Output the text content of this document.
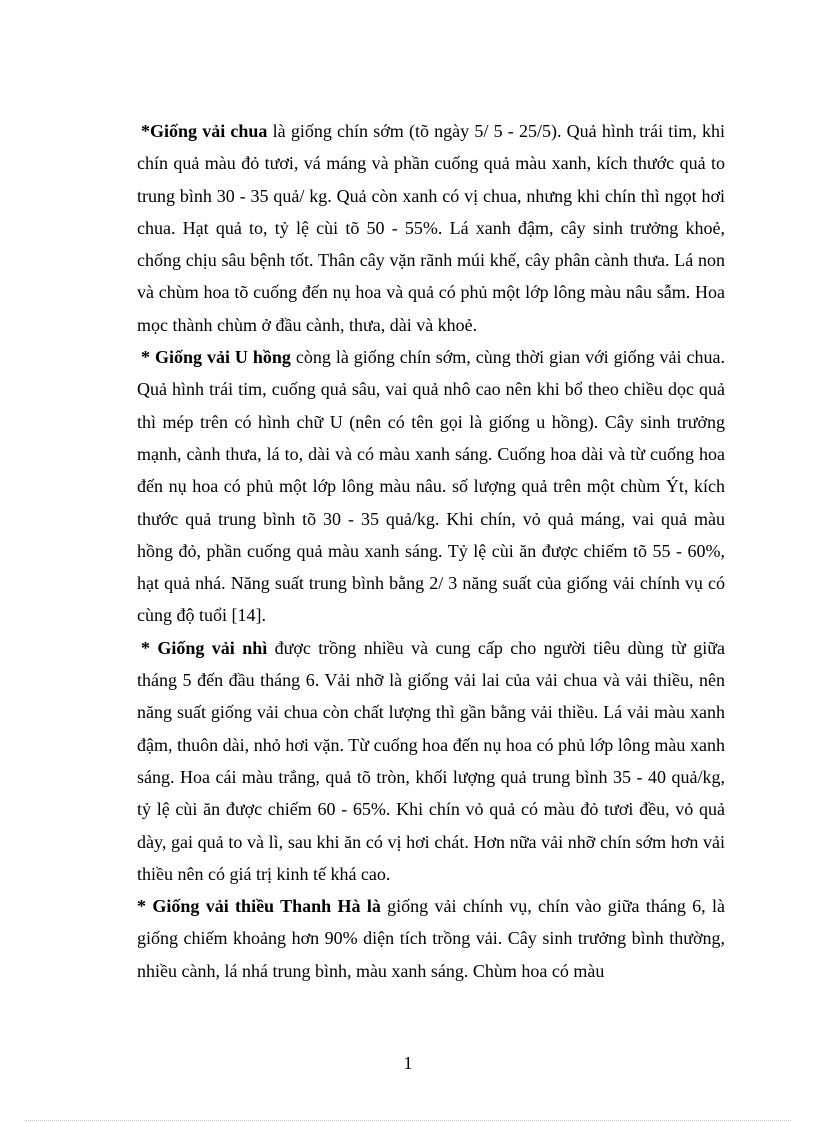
*Giống vải chua là giống chín sớm (tõ ngày 5/ 5 - 25/5). Quả hình trái tim, khi chín quả màu đỏ tươi, vá máng và phần cuống quả màu xanh, kích thước quả to trung bình 30 - 35 quả/ kg. Quả còn xanh có vị chua, nhưng khi chín thì ngọt hơi chua. Hạt quả to, tỷ lệ cùi tõ 50 - 55%. Lá xanh đậm, cây sinh trưởng khoẻ, chống chịu sâu bệnh tốt. Thân cây vặn rãnh múi khế, cây phân cành thưa. Lá non và chùm hoa tõ cuống đến nụ hoa và quả có phủ một lớp lông màu nâu sẫm. Hoa mọc thành chùm ở đầu cành, thưa, dài và khoẻ.

* Giống vải U hồng còng là giống chín sớm, cùng thời gian với giống vải chua. Quả hình trái tim, cuống quả sâu, vai quả nhô cao nên khi bổ theo chiều dọc quả thì mép trên có hình chữ U (nên có tên gọi là giống u hồng). Cây sinh trưởng mạnh, cành thưa, lá to, dài và có màu xanh sáng. Cuống hoa dài và từ cuống hoa đến nụ hoa có phủ một lớp lông màu nâu. số lượng quả trên một chùm Ýt, kích thước quả trung bình tõ 30 - 35 quả/kg. Khi chín, vỏ quả máng, vai quả màu hồng đỏ, phần cuống quả màu xanh sáng. Tỷ lệ cùi ăn được chiếm tõ 55 - 60%, hạt quả nhá. Năng suất trung bình bằng 2/ 3 năng suất của giống vải chính vụ có cùng độ tuổi [14].

* Giống vải nhì được trồng nhiều và cung cấp cho người tiêu dùng từ giữa tháng 5 đến đầu tháng 6. Vải nhỡ là giống vải lai của vải chua và vải thiều, nên năng suất giống vải chua còn chất lượng thì gần bằng vải thiều. Lá vải màu xanh đậm, thuôn dài, nhỏ hơi vặn. Từ cuống hoa đến nụ hoa có phủ lớp lông màu xanh sáng. Hoa cái màu trắng, quả tõ tròn, khối lượng quả trung bình 35 - 40 quả/kg, tỷ lệ cùi ăn được chiếm 60 - 65%. Khi chín vỏ quả có màu đỏ tươi đều, vỏ quả dày, gai quả to và lì, sau khi ăn có vị hơi chát. Hơn nữa vải nhỡ chín sớm hơn vải thiều nên có giá trị kinh tế khá cao.

* Giống vải thiều Thanh Hà là giống vải chính vụ, chín vào giữa tháng 6, là giống chiếm khoảng hơn 90% diện tích trồng vải. Cây sinh trưởng bình thường, nhiều cành, lá nhá trung bình, màu xanh sáng. Chùm hoa có màu

1
